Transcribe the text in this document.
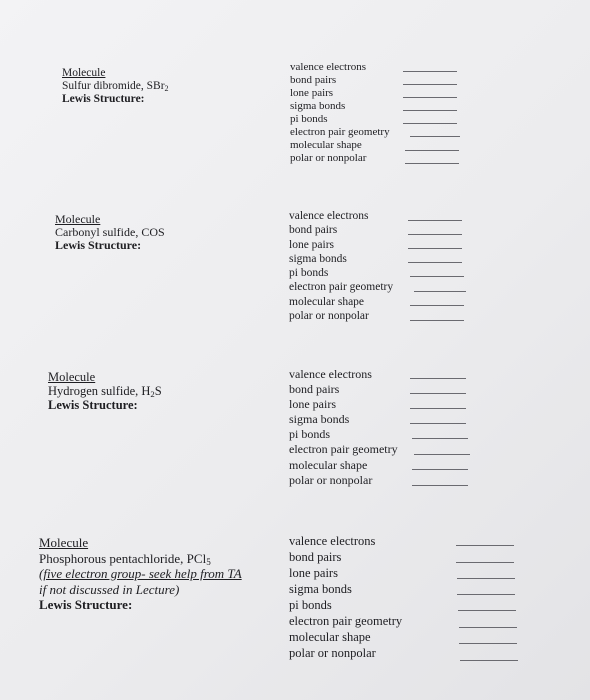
Molecule
Sulfur dibromide, SBr$_2$
Lewis Structure:
valence electrons
bond pairs
lone pairs
sigma bonds
pi bonds
electron pair geometry
molecular shape
polar or nonpolar
Molecule
Carbonyl sulfide, COS
Lewis Structure:
valence electrons
bond pairs
lone pairs
sigma bonds
pi bonds
electron pair geometry
molecular shape
polar or nonpolar
Molecule
Hydrogen sulfide, $H_2S$
Lewis Structure:
valence electrons
bond pairs
lone pairs
sigma bonds
pi bonds
electron pair geometry
molecular shape
polar or nonpolar
Molecule
Phosphorous pentachloride, PCl$_5$
(five electron group- seek help from TA
if not discussed in Lecture)
Lewis Structure:
valence electrons
bond pairs
lone pairs
sigma bonds
pi bonds
electron pair geometry
molecular shape
polar or nonpolar
